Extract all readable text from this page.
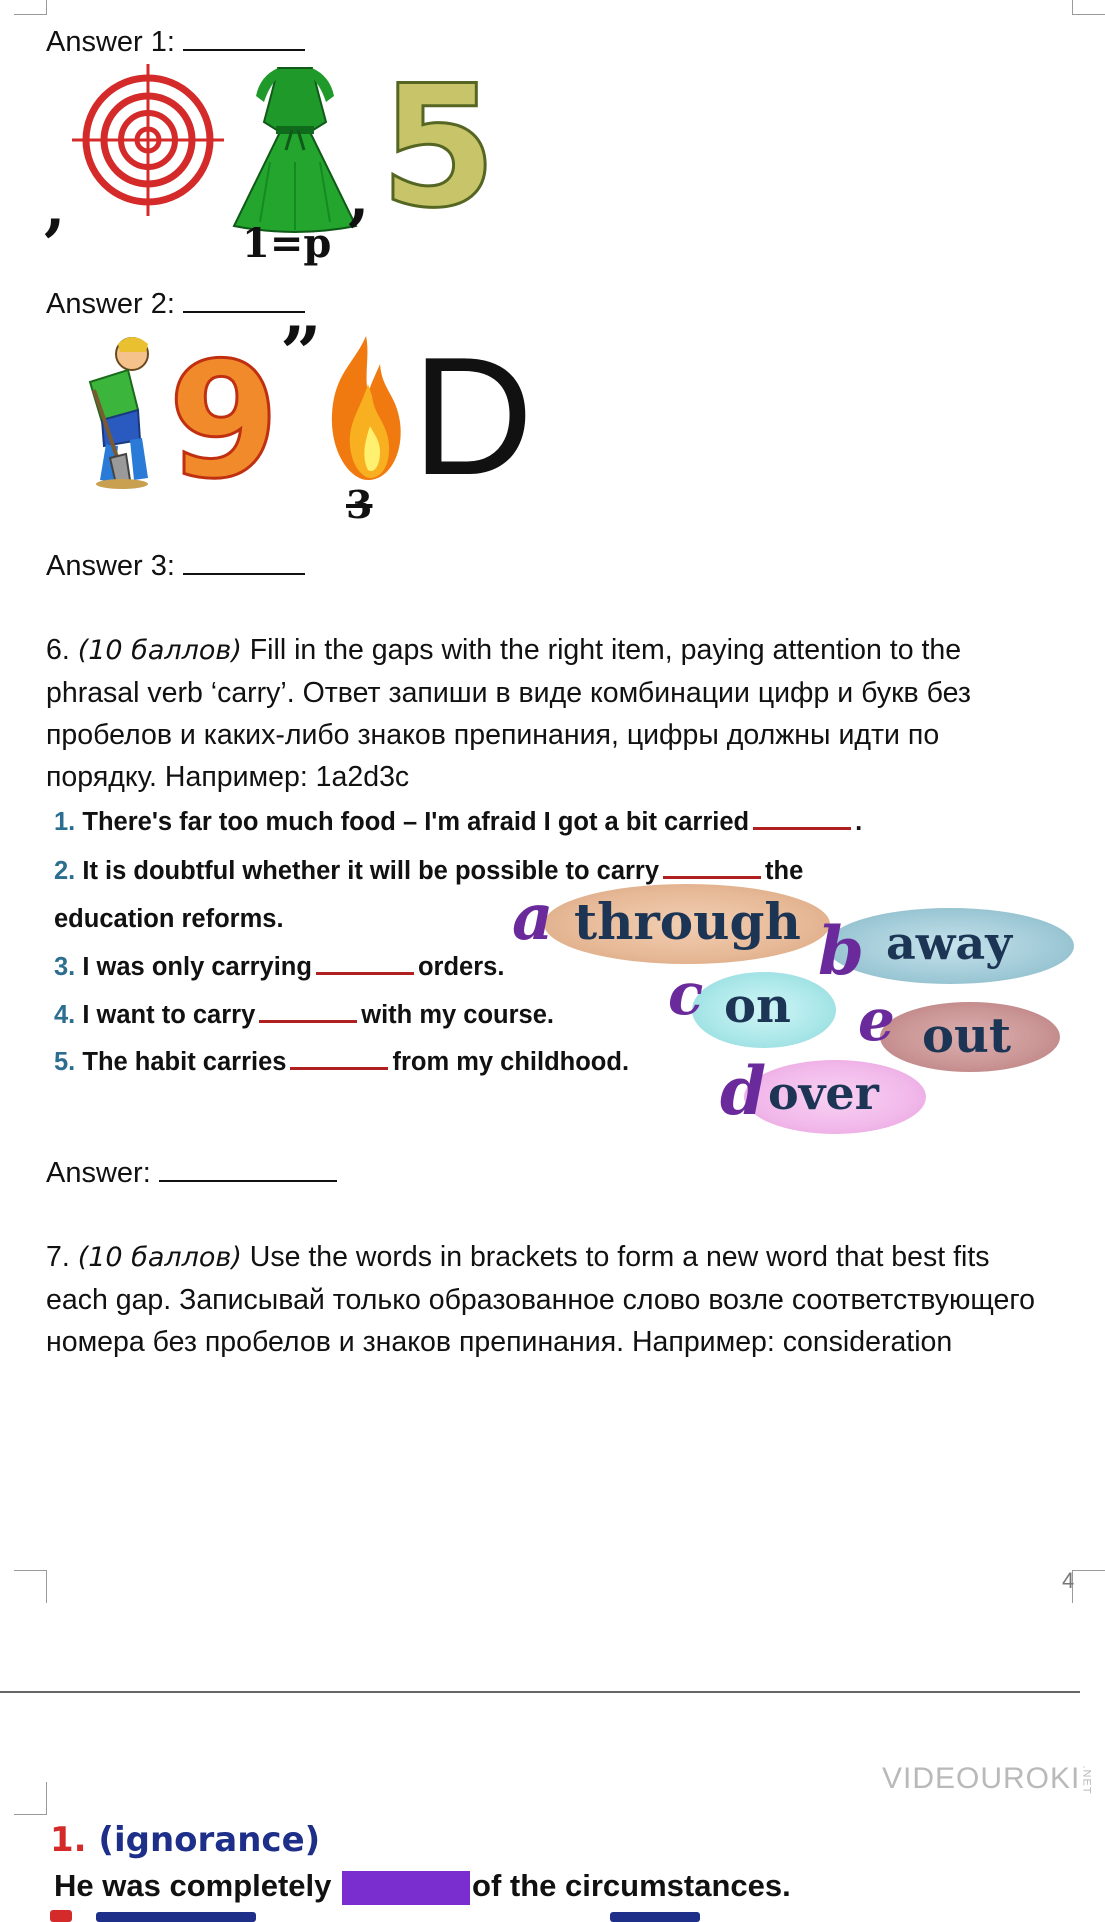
Answer 1:
,
1=p
, 5
Answer 2:
9 ”
3 D
Answer 3:
6. (10 баллов) Fill in the gaps with the right item, paying attention to the phrasal verb ‘carry’. Ответ запиши в виде комбинации цифр и букв без пробелов и каких-либо знаков препинания, цифры должны идти по порядку. Например: 1a2d3c
1. There's far too much food – I'm afraid I got a bit carried	.
2. It is doubtful whether it will be possible to carry	the
education reforms.
3. I was only carrying	orders.
4. I want to carry	with my course.
5. The habit carries	from my childhood.
through
a	away
b
on
c
out
e
over
d
Answer:
7. (10 баллов) Use the words in brackets to form a new word that best fits each gap. Записывай только образованное слово возле соответствующего номера без пробелов и знаков препинания. Например: consideration
4
VIDEOUROKI.NET
1. (ignorance)
He was completely	of the circumstances.
